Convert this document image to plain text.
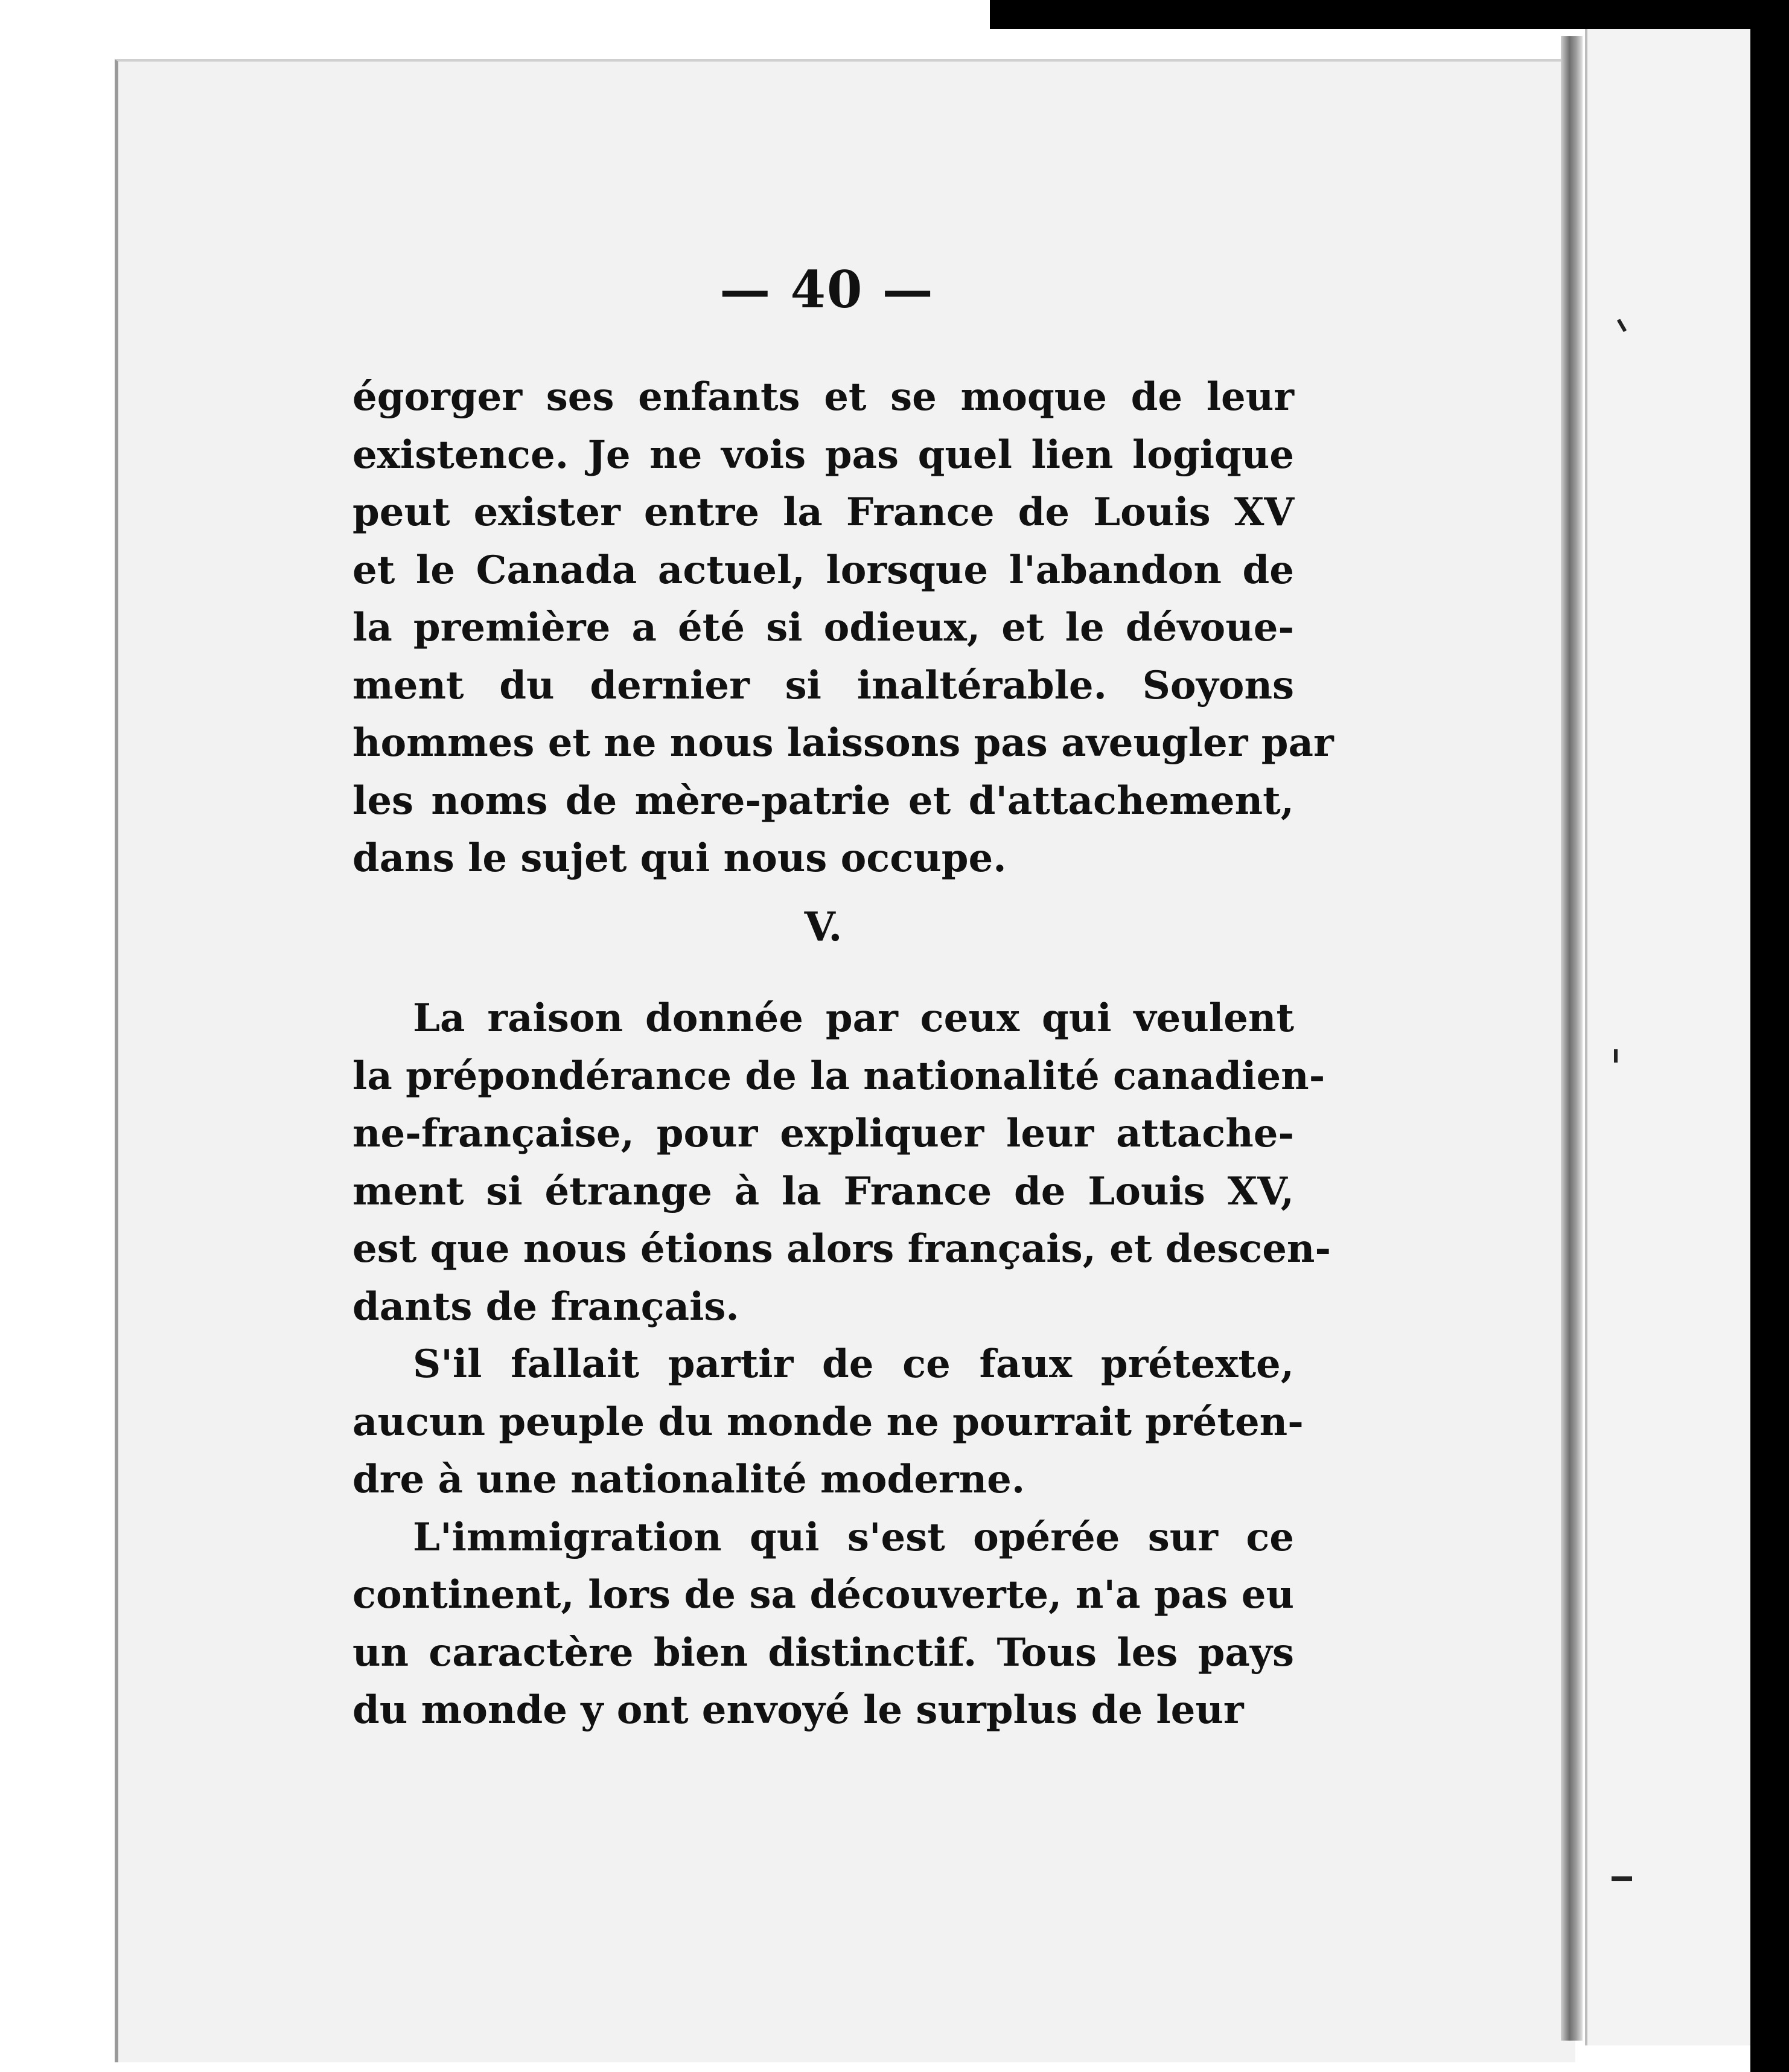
— 40 —
égorger ses enfants et se moque de leur
existence. Je ne vois pas quel lien logique
peut exister entre la France de Louis XV
et le Canada actuel, lorsque l'abandon de
la première a été si odieux, et le dévoue-
ment du dernier si inaltérable. Soyons
hommes et ne nous laissons pas aveugler par
les noms de mère-patrie et d'attachement,
dans le sujet qui nous occupe.
V.
La raison donnée par ceux qui veulent
la prépondérance de la nationalité canadien-
ne-française, pour expliquer leur attache-
ment si étrange à la France de Louis XV,
est que nous étions alors français, et descen-
dants de français.
S'il fallait partir de ce faux prétexte,
aucun peuple du monde ne pourrait préten-
dre à une nationalité moderne.
L'immigration qui s'est opérée sur ce
continent, lors de sa découverte, n'a pas eu
un caractère bien distinctif. Tous les pays
du monde y ont envoyé le surplus de leur
